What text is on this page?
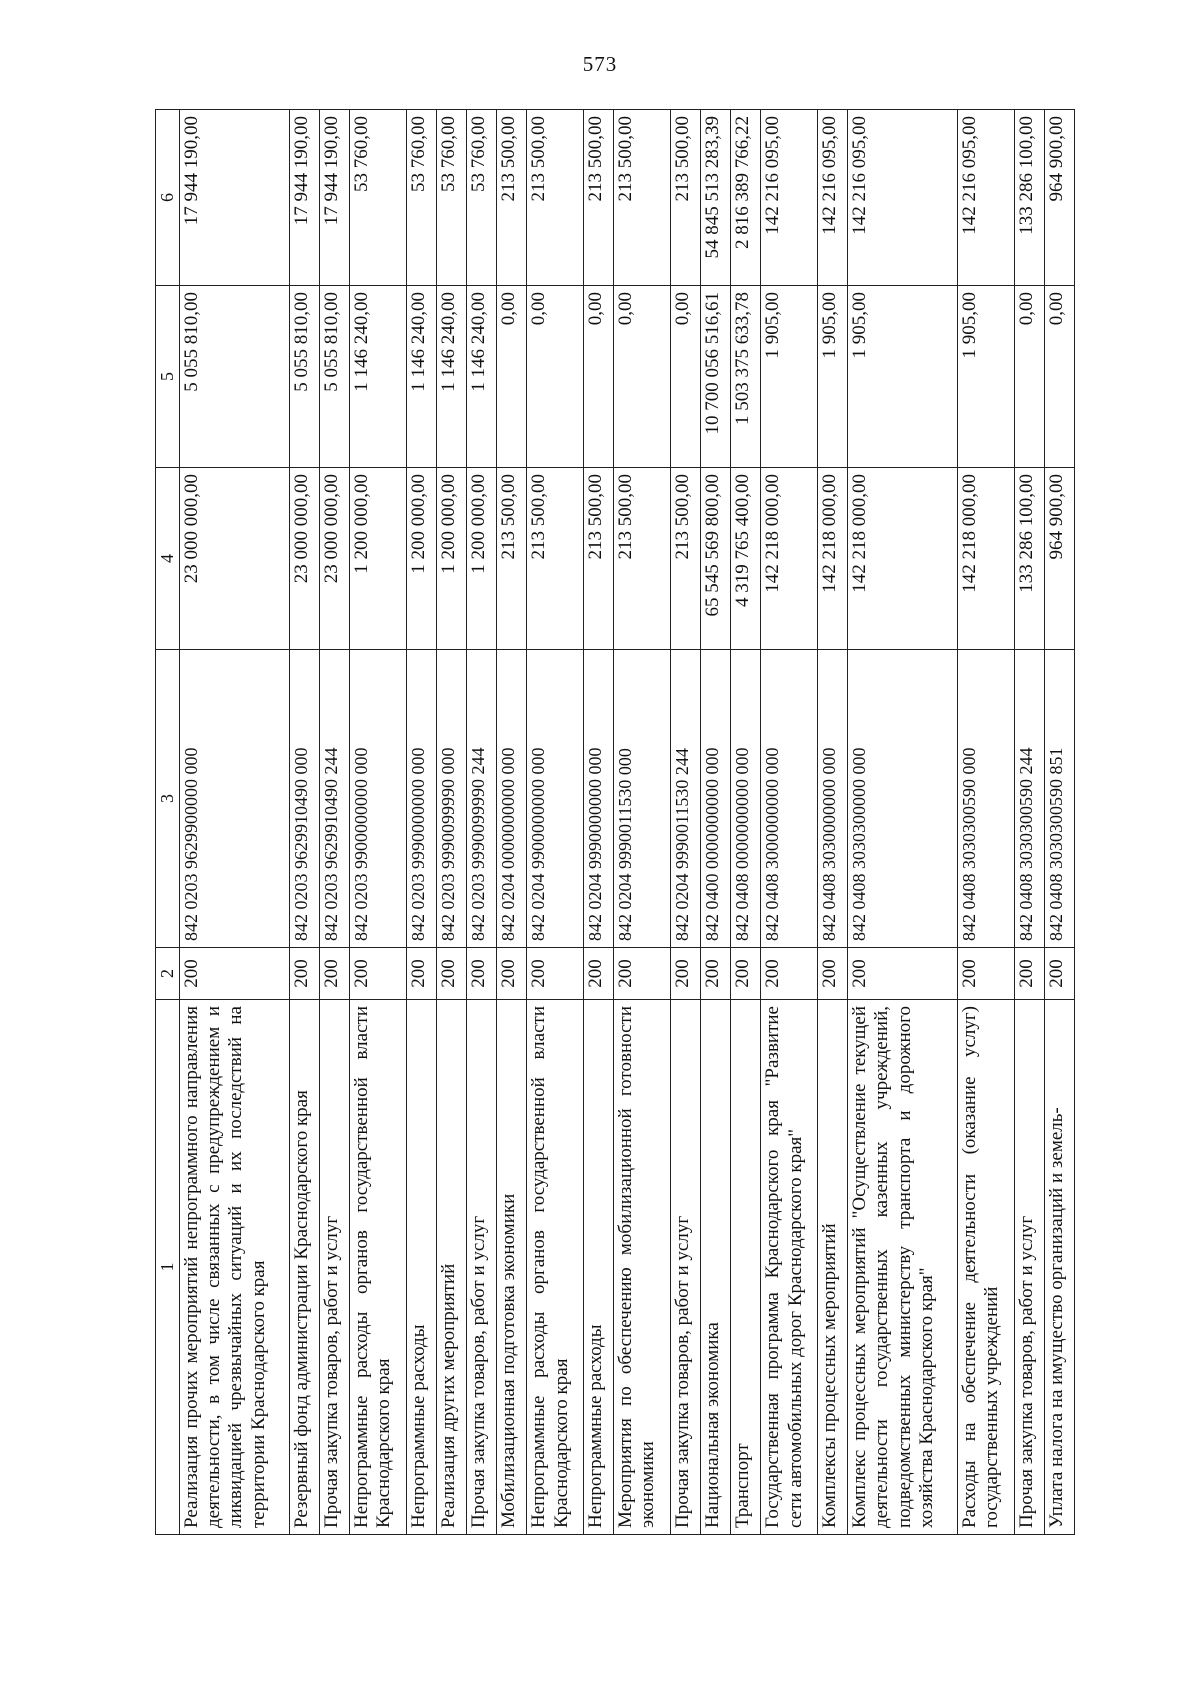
573
1	2	3	4	5	6
Реализация прочих мероприятий непрограммного направления деятельности, в том числе связанных с предупреждением и ликвидацией чрезвычайных ситуаций и их последствий на территории Краснодарского края	200	842 0203 9629900000 000	23 000 000,00	5 055 810,00	17 944 190,00
Резервный фонд администрации Краснодарского края	200	842 0203 9629910490 000	23 000 000,00	5 055 810,00	17 944 190,00
Прочая закупка товаров, работ и услуг	200	842 0203 9629910490 244	23 000 000,00	5 055 810,00	17 944 190,00
Непрограммные расходы органов государственной власти Краснодарского края	200	842 0203 9900000000 000	1 200 000,00	1 146 240,00	53 760,00
Непрограммные расходы	200	842 0203 9990000000 000	1 200 000,00	1 146 240,00	53 760,00
Реализация других мероприятий	200	842 0203 9990099990 000	1 200 000,00	1 146 240,00	53 760,00
Прочая закупка товаров, работ и услуг	200	842 0203 9990099990 244	1 200 000,00	1 146 240,00	53 760,00
Мобилизационная подготовка экономики	200	842 0204 0000000000 000	213 500,00	0,00	213 500,00
Непрограммные расходы органов государственной власти Краснодарского края	200	842 0204 9900000000 000	213 500,00	0,00	213 500,00
Непрограммные расходы	200	842 0204 9990000000 000	213 500,00	0,00	213 500,00
Мероприятия по обеспечению мобилизационной готовности экономики	200	842 0204 9990011530 000	213 500,00	0,00	213 500,00
Прочая закупка товаров, работ и услуг	200	842 0204 9990011530 244	213 500,00	0,00	213 500,00
Национальная экономика	200	842 0400 0000000000 000	65 545 569 800,00	10 700 056 516,61	54 845 513 283,39
Транспорт	200	842 0408 0000000000 000	4 319 765 400,00	1 503 375 633,78	2 816 389 766,22
Государственная программа Краснодарского края "Развитие сети автомобильных дорог Краснодарского края"	200	842 0408 3000000000 000	142 218 000,00	1 905,00	142 216 095,00
Комплексы процессных мероприятий	200	842 0408 3030000000 000	142 218 000,00	1 905,00	142 216 095,00
Комплекс процессных мероприятий "Осуществление текущей деятельности государственных казенных учреждений, подведомственных министерству транспорта и дорожного хозяйства Краснодарского края"	200	842 0408 3030300000 000	142 218 000,00	1 905,00	142 216 095,00
Расходы на обеспечение деятельности (оказание услуг) государственных учреждений	200	842 0408 3030300590 000	142 218 000,00	1 905,00	142 216 095,00
Прочая закупка товаров, работ и услуг	200	842 0408 3030300590 244	133 286 100,00	0,00	133 286 100,00
Уплата налога на имущество организаций и земель-	200	842 0408 3030300590 851	964 900,00	0,00	964 900,00
